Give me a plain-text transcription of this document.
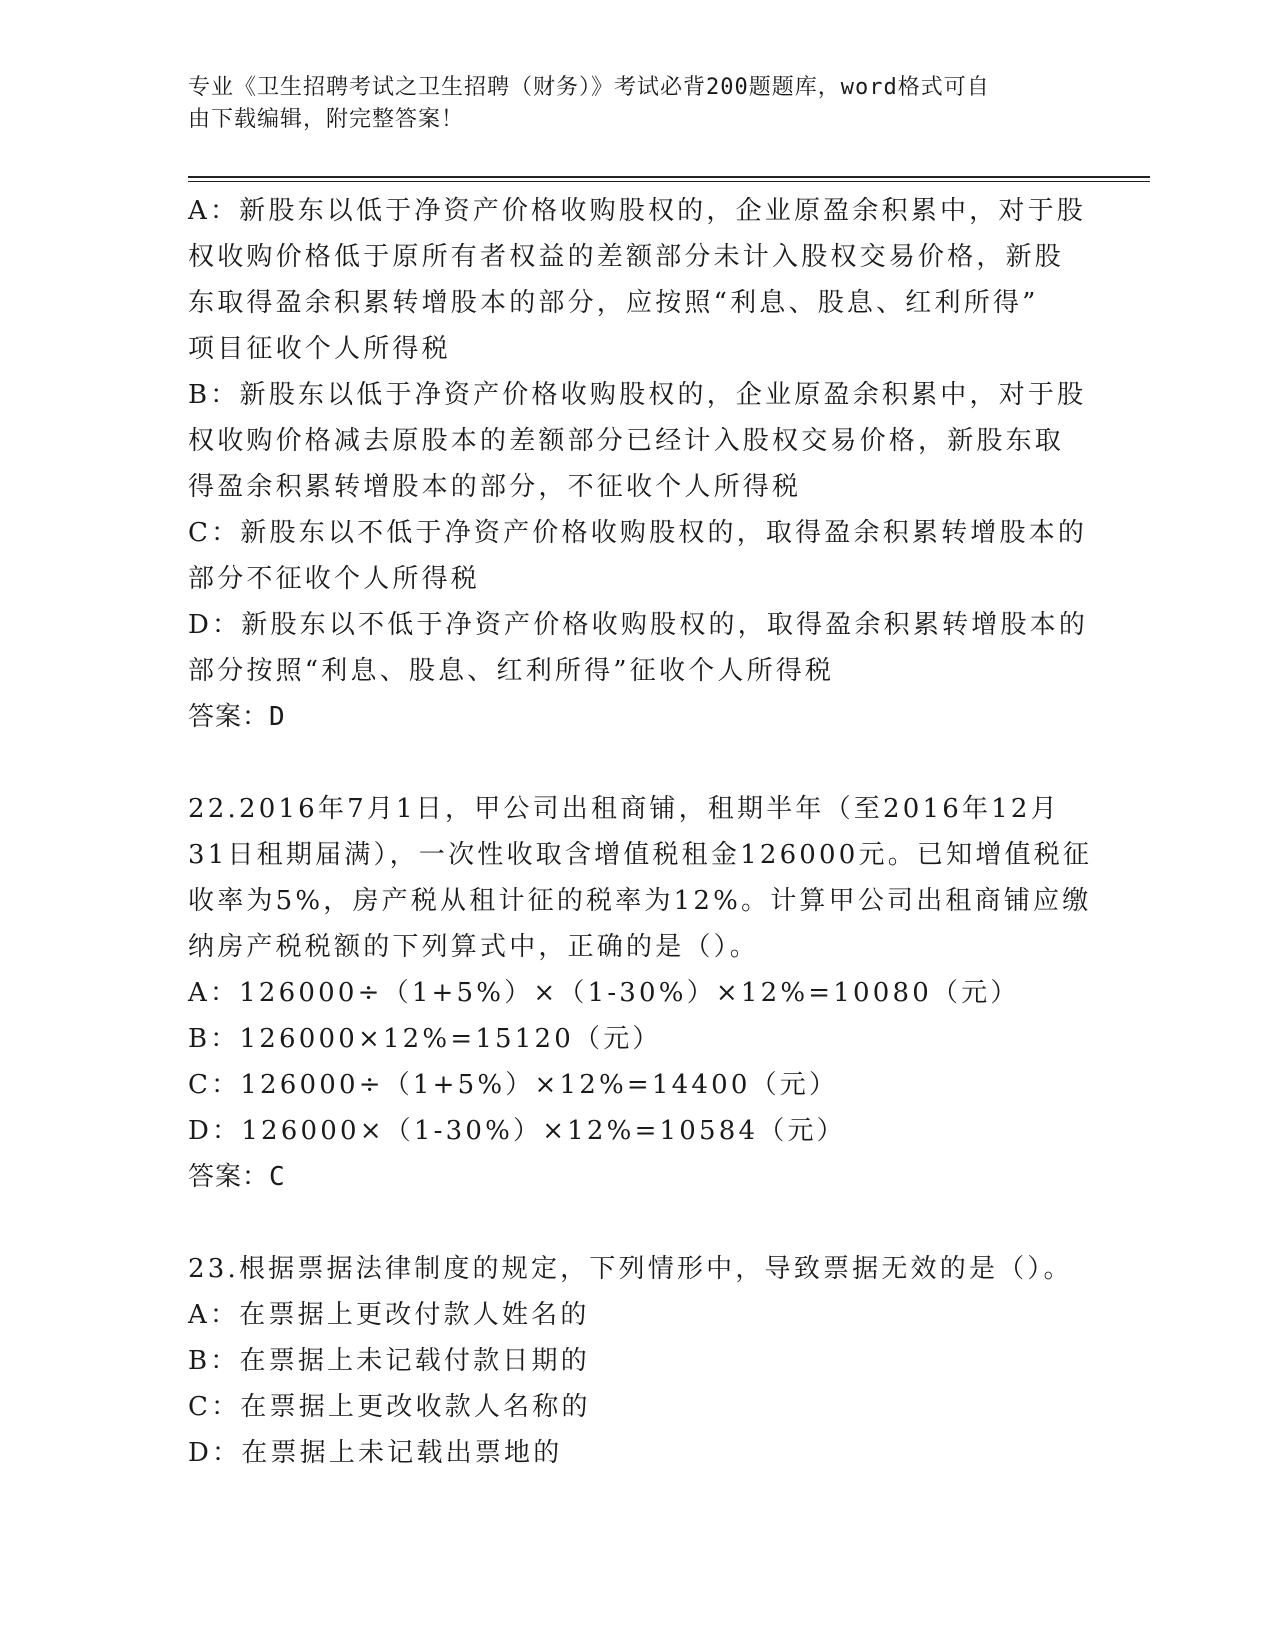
专业《卫生招聘考试之卫生招聘（财务）》考试必背200题题库，word格式可自
由下载编辑，附完整答案！
A：新股东以低于净资产价格收购股权的，企业原盈余积累中，对于股
权收购价格低于原所有者权益的差额部分未计入股权交易价格，新股
东取得盈余积累转增股本的部分，应按照“利息、股息、红利所得”
项目征收个人所得税
B：新股东以低于净资产价格收购股权的，企业原盈余积累中，对于股
权收购价格减去原股本的差额部分已经计入股权交易价格，新股东取
得盈余积累转增股本的部分，不征收个人所得税
C：新股东以不低于净资产价格收购股权的，取得盈余积累转增股本的
部分不征收个人所得税
D：新股东以不低于净资产价格收购股权的，取得盈余积累转增股本的
部分按照“利息、股息、红利所得”征收个人所得税
答案：D
22.2016年7月1日，甲公司出租商铺，租期半年（至2016年12月
31日租期届满），一次性收取含增值税租金126000元。已知增值税征
收率为5%，房产税从租计征的税率为12%。计算甲公司出租商铺应缴
纳房产税税额的下列算式中，正确的是（）。
A：126000÷（1+5%）×（1-30%）×12%=10080（元）
B：126000×12%=15120（元）
C：126000÷（1+5%）×12%=14400（元）
D：126000×（1-30%）×12%=10584（元）
答案：C
23.根据票据法律制度的规定，下列情形中，导致票据无效的是（）。
A：在票据上更改付款人姓名的
B：在票据上未记载付款日期的
C：在票据上更改收款人名称的
D：在票据上未记载出票地的
